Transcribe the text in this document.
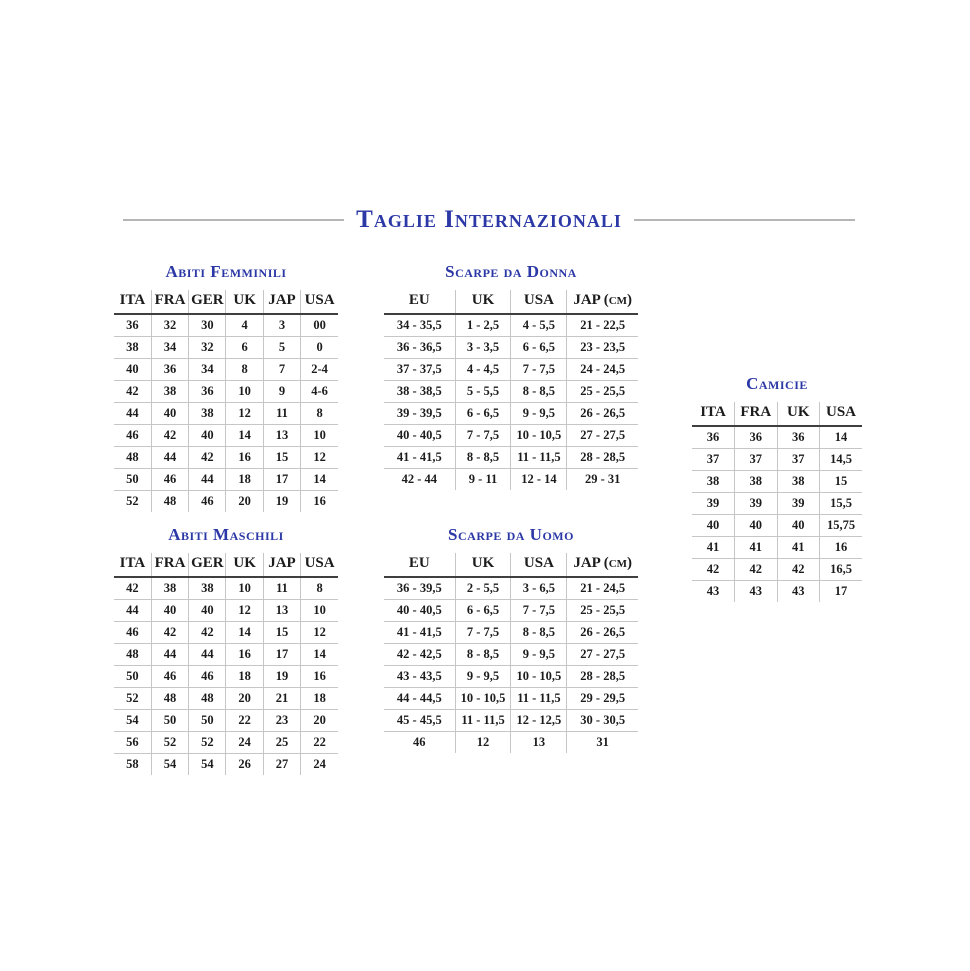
Taglie Internazionali
Abiti Femminili
ITA	FRA	GER	UK	JAP	USA
36	32	30	4	3	00
38	34	32	6	5	0
40	36	34	8	7	2-4
42	38	36	10	9	4-6
44	40	38	12	11	8
46	42	40	14	13	10
48	44	42	16	15	12
50	46	44	18	17	14
52	48	46	20	19	16
Scarpe da Donna
EU	UK	USA	JAP (cm)
34 - 35,5	1 - 2,5	4 - 5,5	21 - 22,5
36 - 36,5	3 - 3,5	6 - 6,5	23 - 23,5
37 - 37,5	4 - 4,5	7 - 7,5	24 - 24,5
38 - 38,5	5 - 5,5	8 - 8,5	25 - 25,5
39 - 39,5	6 - 6,5	9 - 9,5	26 - 26,5
40 - 40,5	7 - 7,5	10 - 10,5	27 - 27,5
41 - 41,5	8 - 8,5	11 - 11,5	28 - 28,5
42 - 44	9 - 11	12 - 14	29 - 31
Camicie
ITA	FRA	UK	USA
36	36	36	14
37	37	37	14,5
38	38	38	15
39	39	39	15,5
40	40	40	15,75
41	41	41	16
42	42	42	16,5
43	43	43	17
Abiti Maschili
ITA	FRA	GER	UK	JAP	USA
42	38	38	10	11	8
44	40	40	12	13	10
46	42	42	14	15	12
48	44	44	16	17	14
50	46	46	18	19	16
52	48	48	20	21	18
54	50	50	22	23	20
56	52	52	24	25	22
58	54	54	26	27	24
Scarpe da Uomo
EU	UK	USA	JAP (cm)
36 - 39,5	2 - 5,5	3 - 6,5	21 - 24,5
40 - 40,5	6 - 6,5	7 - 7,5	25 - 25,5
41 - 41,5	7 - 7,5	8 - 8,5	26 - 26,5
42 - 42,5	8 - 8,5	9 - 9,5	27 - 27,5
43 - 43,5	9 - 9,5	10 - 10,5	28 - 28,5
44 - 44,5	10 - 10,5	11 - 11,5	29 - 29,5
45 - 45,5	11 - 11,5	12 - 12,5	30 - 30,5
46	12	13	31
